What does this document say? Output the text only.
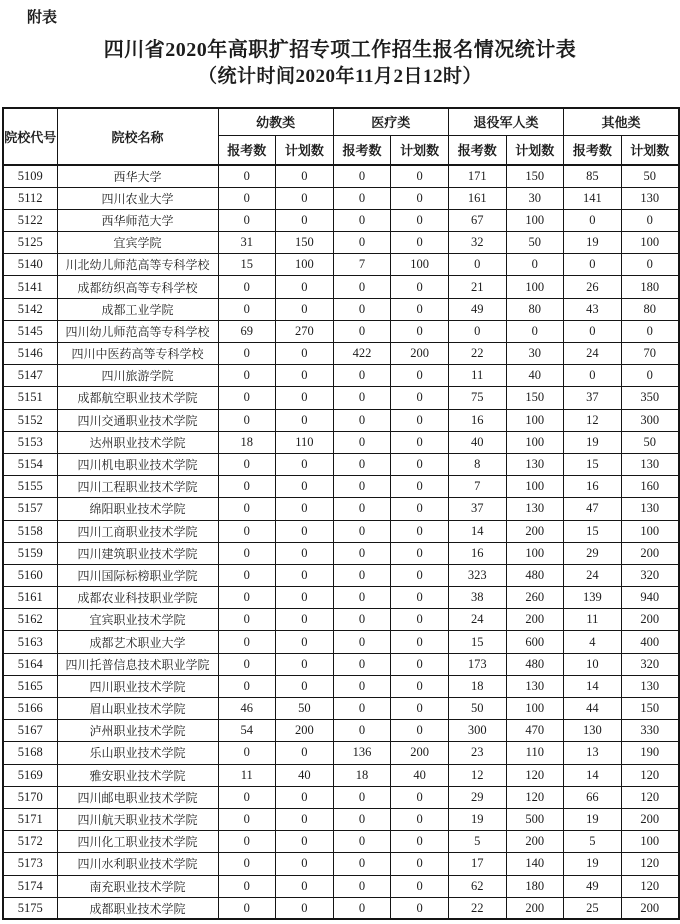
附表
四川省2020年高职扩招专项工作招生报名情况统计表
（统计时间2020年11月2日12时）
院校代号	院校名称	幼教类		医疗类		退役军人类		其他类	
		报考数	计划数	报考数	计划数	报考数	计划数	报考数	计划数
5109	西华大学	0	0	0	0	171	150	85	50
5112	四川农业大学	0	0	0	0	161	30	141	130
5122	西华师范大学	0	0	0	0	67	100	0	0
5125	宜宾学院	31	150	0	0	32	50	19	100
5140	川北幼儿师范高等专科学校	15	100	7	100	0	0	0	0
5141	成都纺织高等专科学校	0	0	0	0	21	100	26	180
5142	成都工业学院	0	0	0	0	49	80	43	80
5145	四川幼儿师范高等专科学校	69	270	0	0	0	0	0	0
5146	四川中医药高等专科学校	0	0	422	200	22	30	24	70
5147	四川旅游学院	0	0	0	0	11	40	0	0
5151	成都航空职业技术学院	0	0	0	0	75	150	37	350
5152	四川交通职业技术学院	0	0	0	0	16	100	12	300
5153	达州职业技术学院	18	110	0	0	40	100	19	50
5154	四川机电职业技术学院	0	0	0	0	8	130	15	130
5155	四川工程职业技术学院	0	0	0	0	7	100	16	160
5157	绵阳职业技术学院	0	0	0	0	37	130	47	130
5158	四川工商职业技术学院	0	0	0	0	14	200	15	100
5159	四川建筑职业技术学院	0	0	0	0	16	100	29	200
5160	四川国际标榜职业学院	0	0	0	0	323	480	24	320
5161	成都农业科技职业学院	0	0	0	0	38	260	139	940
5162	宜宾职业技术学院	0	0	0	0	24	200	11	200
5163	成都艺术职业大学	0	0	0	0	15	600	4	400
5164	四川托普信息技术职业学院	0	0	0	0	173	480	10	320
5165	四川职业技术学院	0	0	0	0	18	130	14	130
5166	眉山职业技术学院	46	50	0	0	50	100	44	150
5167	泸州职业技术学院	54	200	0	0	300	470	130	330
5168	乐山职业技术学院	0	0	136	200	23	110	13	190
5169	雅安职业技术学院	11	40	18	40	12	120	14	120
5170	四川邮电职业技术学院	0	0	0	0	29	120	66	120
5171	四川航天职业技术学院	0	0	0	0	19	500	19	200
5172	四川化工职业技术学院	0	0	0	0	5	200	5	100
5173	四川水利职业技术学院	0	0	0	0	17	140	19	120
5174	南充职业技术学院	0	0	0	0	62	180	49	120
5175	成都职业技术学院	0	0	0	0	22	200	25	200
